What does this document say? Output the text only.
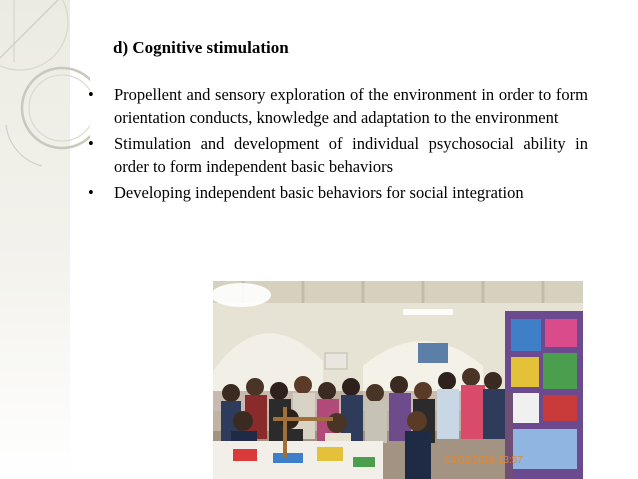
d) Cognitive stimulation
• Propellent and sensory exploration of the environment in order to form orientation conducts, knowledge and adaptation to the environment
• Stimulation and development of individual psychosocial ability in order to form independent basic behaviors
• Developing independent basic behaviors for social integration
04/09/2016 13:57
